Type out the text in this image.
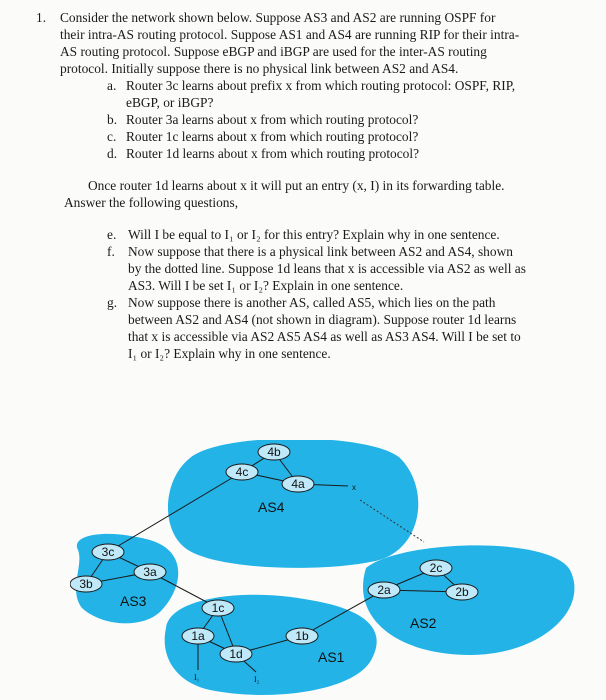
1. Consider the network shown below. Suppose AS3 and AS2 are running OSPF for
their intra-AS routing protocol. Suppose AS1 and AS4 are running RIP for their intra-
AS routing protocol. Suppose eBGP and iBGP are used for the inter-AS routing
protocol. Initially suppose there is no physical link between AS2 and AS4.
a. Router 3c learns about prefix x from which routing protocol: OSPF, RIP,
eBGP, or iBGP?
b. Router 3a learns about x from which routing protocol?
c. Router 1c learns about x from which routing protocol?
d. Router 1d learns about x from which routing protocol?
Once router 1d learns about x it will put an entry (x, I) in its forwarding table.
Answer the following questions,
e. Will I be equal to I₁ or I₂ for this entry? Explain why in one sentence.
f. Now suppose that there is a physical link between AS2 and AS4, shown
by the dotted line. Suppose 1d leans that x is accessible via AS2 as well as
AS3. Will I be set I₁ or I₂? Explain in one sentence.
g. Now suppose there is another AS, called AS5, which lies on the path
between AS2 and AS4 (not shown in diagram). Suppose router 1d learns
that x is accessible via AS2 AS5 AS4 as well as AS3 AS4. Will I be set to
I₁ or I₂? Explain why in one sentence.
4b
4c
4a
3c
3a
3b	2a
2c
2b
1c
1a
1d
1b
AS4
AS3
AS2
AS1
x
I₁	I₂
